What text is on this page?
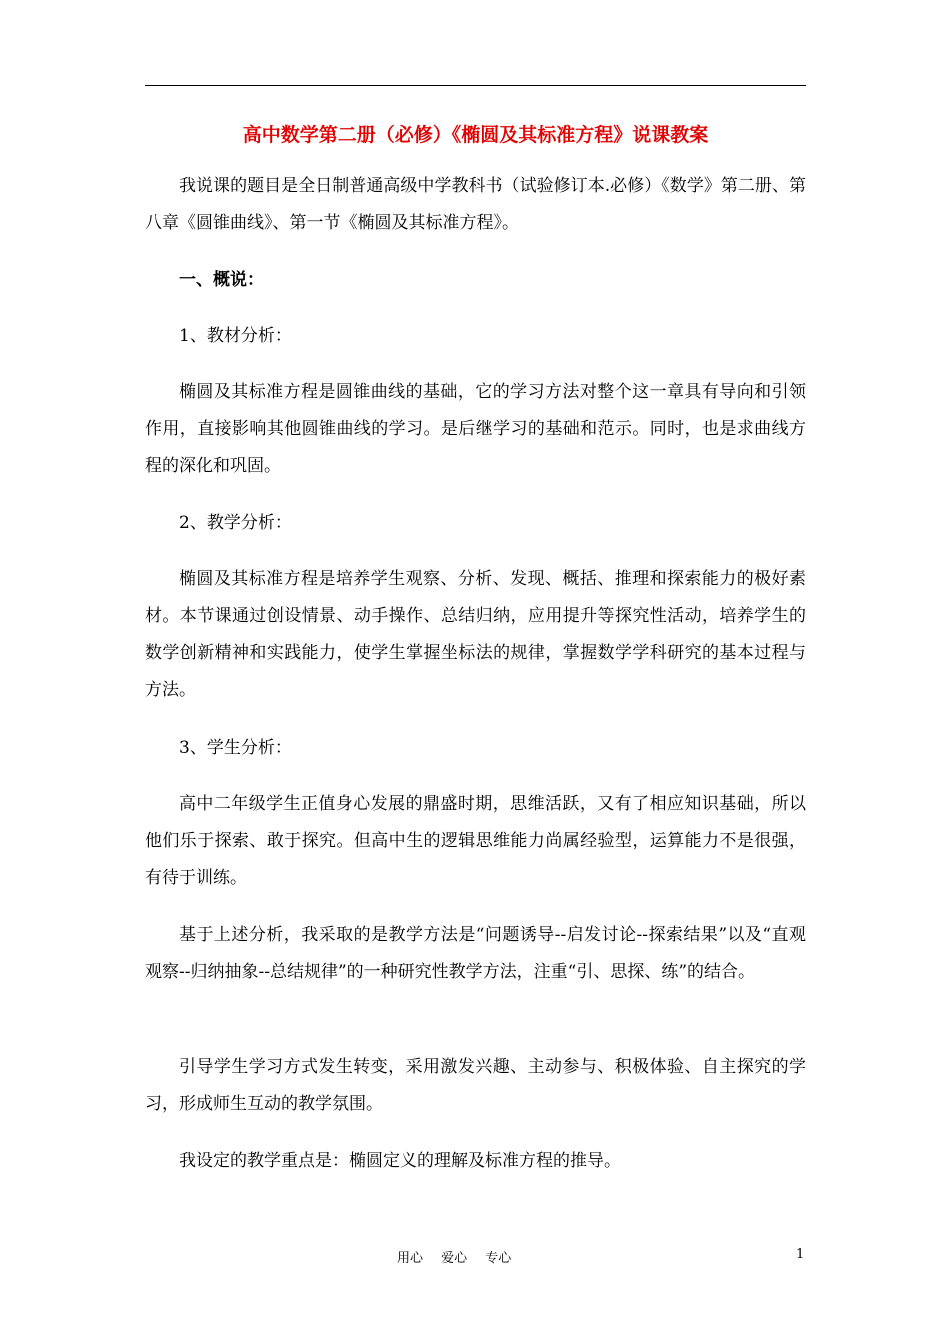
高中数学第二册（必修）《椭圆及其标准方程》说课教案
我说课的题目是全日制普通高级中学教科书（试验修订本.必修）《数学》第二册、第八章《圆锥曲线》、第一节《椭圆及其标准方程》。
一、概说：
1、教材分析：
椭圆及其标准方程是圆锥曲线的基础，它的学习方法对整个这一章具有导向和引领作用，直接影响其他圆锥曲线的学习。是后继学习的基础和范示。同时，也是求曲线方程的深化和巩固。
2、教学分析：
椭圆及其标准方程是培养学生观察、分析、发现、概括、推理和探索能力的极好素材。本节课通过创设情景、动手操作、总结归纳，应用提升等探究性活动，培养学生的数学创新精神和实践能力，使学生掌握坐标法的规律，掌握数学学科研究的基本过程与方法。
3、学生分析：
高中二年级学生正值身心发展的鼎盛时期，思维活跃，又有了相应知识基础，所以他们乐于探索、敢于探究。但高中生的逻辑思维能力尚属经验型，运算能力不是很强，有待于训练。
基于上述分析，我采取的是教学方法是“问题诱导--启发讨论--探索结果”以及“直观观察--归纳抽象--总结规律”的一种研究性教学方法，注重“引、思探、练”的结合。
引导学生学习方式发生转变，采用激发兴趣、主动参与、积极体验、自主探究的学习，形成师生互动的教学氛围。
我设定的教学重点是：椭圆定义的理解及标准方程的推导。
用心 爱心 专心	1
